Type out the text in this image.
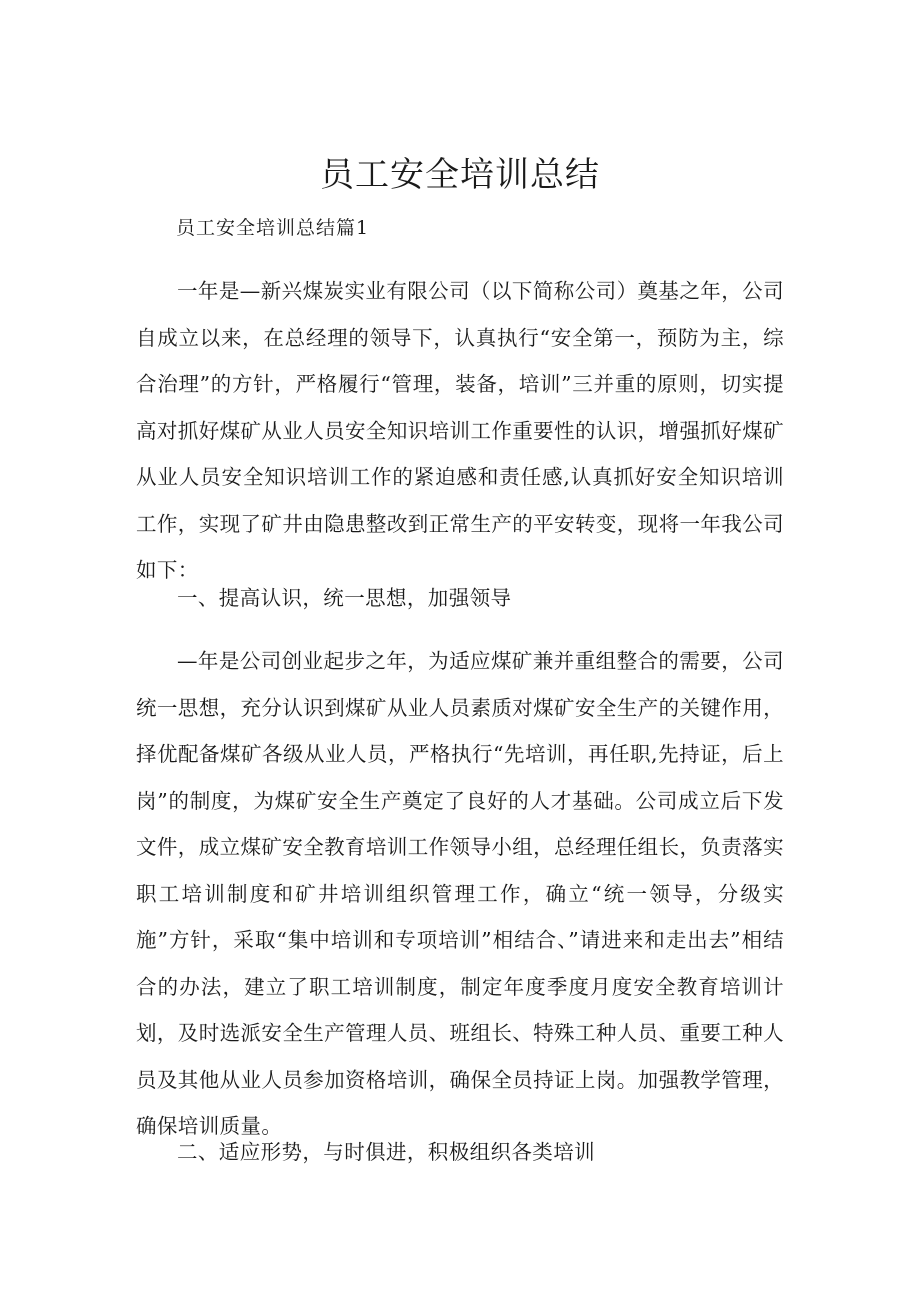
员工安全培训总结
员工安全培训总结篇1

一年是—新兴煤炭实业有限公司（以下简称公司）奠基之年，公司自成立以来，在总经理的领导下，认真执行“安全第一，预防为主，综合治理”的方针，严格履行“管理，装备，培训”三并重的原则，切实提高对抓好煤矿从业人员安全知识培训工作重要性的认识，增强抓好煤矿从业人员安全知识培训工作的紧迫感和责任感,认真抓好安全知识培训工作，实现了矿井由隐患整改到正常生产的平安转变，现将一年我公司如下：

一、提高认识，统一思想，加强领导

—年是公司创业起步之年，为适应煤矿兼并重组整合的需要，公司统一思想，充分认识到煤矿从业人员素质对煤矿安全生产的关键作用，择优配备煤矿各级从业人员，严格执行“先培训，再任职,先持证，后上岗”的制度，为煤矿安全生产奠定了良好的人才基础。公司成立后下发文件，成立煤矿安全教育培训工作领导小组，总经理任组长，负责落实职工培训制度和矿井培训组织管理工作，确立“统一领导，分级实施”方针，采取“集中培训和专项培训”相结合、”请进来和走出去”相结合的办法，建立了职工培训制度，制定年度季度月度安全教育培训计划，及时选派安全生产管理人员、班组长、特殊工种人员、重要工种人员及其他从业人员参加资格培训，确保全员持证上岗。加强教学管理，确保培训质量。

二、适应形势，与时俱进，积极组织各类培训
